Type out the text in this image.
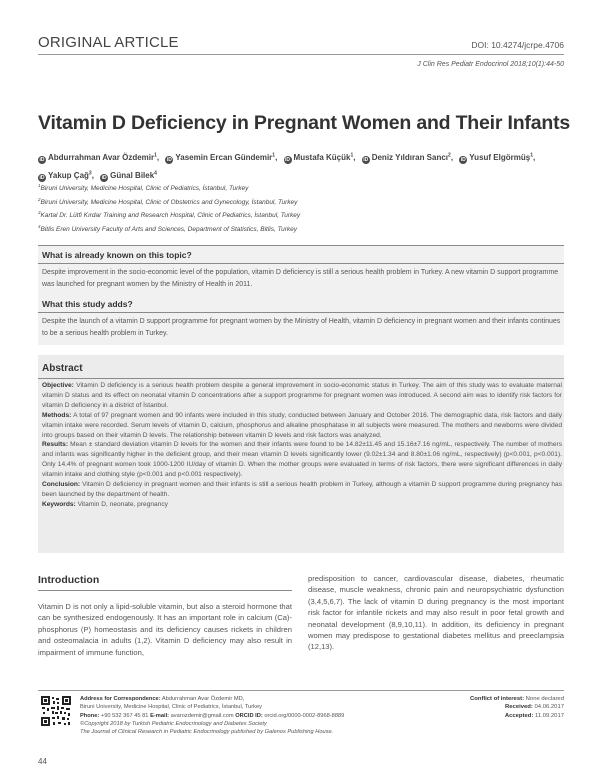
ORIGINAL ARTICLE	DOI: 10.4274/jcrpe.4706
J Clin Res Pediatr Endocrinol 2018;10(1):44-50
Vitamin D Deficiency in Pregnant Women and Their Infants
iD Abdurrahman Avar Özdemir$^1$, iD Yasemin Ercan Gündemir$^1$, iD Mustafa Küçük$^1$, iD Deniz Yıldıran Sancı$^2$, iD Yusuf Elgörmüş$^1$,
iD Yakup Çağ$^3$, iD Günal Bilek$^4$
$^1$Biruni University, Medicine Hospital, Clinic of Pediatrics, İstanbul, Turkey
$^2$Biruni University, Medicine Hospital, Clinic of Obstetrics and Gynecology, İstanbul, Turkey
$^3$Kartal Dr. Lütfi Kırdar Training and Research Hospital, Clinic of Pediatrics, İstanbul, Turkey
$^4$Bitlis Eren University Faculty of Arts and Sciences, Department of Statistics, Bitlis, Turkey
What is already known on this topic?

Despite improvement in the socio-economic level of the population, vitamin D deficiency is still a serious health problem in Turkey. A new vitamin D support programme was launched for pregnant women by the Ministry of Health in 2011.

What this study adds?

Despite the launch of a vitamin D support programme for pregnant women by the Ministry of Health, vitamin D deficiency in pregnant women and their infants continues to be a serious health problem in Turkey.

Abstract
Objective: Vitamin D deficiency is a serious health problem despite a general improvement in socio-economic status in Turkey. The aim of this study was to evaluate maternal vitamin D status and its effect on neonatal vitamin D concentrations after a support programme for pregnant women was introduced. A second aim was to identify risk factors for vitamin D deficiency in a district of İstanbul.
Methods: A total of 97 pregnant women and 90 infants were included in this study, conducted between January and October 2016. The demographic data, risk factors and daily vitamin intake were recorded. Serum levels of vitamin D, calcium, phosphorus and alkaline phosphatase in all subjects were measured. The mothers and newborns were divided into groups based on their vitamin D levels. The relationship between vitamin D levels and risk factors was analyzed.
Results: Mean ± standard deviation vitamin D levels for the women and their infants were found to be 14.82±11.45 and 15.16±7.16 ng/mL, respectively. The number of mothers and infants was significantly higher in the deficient group, and their mean vitamin D levels significantly lower (9.02±1.34 and 8.80±1.06 ng/mL, respectively) (p<0.001, p<0.001). Only 14.4% of pregnant women took 1000-1200 IU/day of vitamin D. When the mother groups were evaluated in terms of risk factors, there were significant differences in daily vitamin intake and clothing style (p<0.001 and p<0.001 respectively).
Conclusion: Vitamin D deficiency in pregnant women and their infants is still a serious health problem in Turkey, although a vitamin D support programme during pregnancy has been launched by the department of health.
Keywords: Vitamin D, neonate, pregnancy
Introduction
Vitamin D is not only a lipid-soluble vitamin, but also a steroid hormone that can be synthesized endogenously. It has an important role in calcium (Ca)-phosphorus (P) homeostasis and its deficiency causes rickets in children and osteomalacia in adults (1,2). Vitamin D deficiency may also result in impairment of immune function,
predisposition to cancer, cardiovascular disease, diabetes, rheumatic disease, muscle weakness, chronic pain and neuropsychiatric dysfunction (3,4,5,6,7). The lack of vitamin D during pregnancy is the most important risk factor for infantile rickets and may also result in poor fetal growth and neonatal development (8,9,10,11). In addition, its deficiency in pregnant women may predispose to gestational diabetes mellitus and preeclampsia (12,13).
Address for Correspondence: Abdurrahman Avar Özdemir MD,
Biruni University, Medicine Hospital, Clinic of Pediatrics, İstanbul, Turkey
Phone: +90 532 367 45 81 E-mail: avarozdemir@gmail.com ORCID ID: orcid.org/0000-0002-8968-8889
©Copyright 2018 by Turkish Pediatric Endocrinology and Diabetes Society
The Journal of Clinical Research in Pediatric Endocrinology published by Galenos Publishing House.
Conflict of interest: None declared
Received: 04.06.2017
Accepted: 11.09.2017
44
